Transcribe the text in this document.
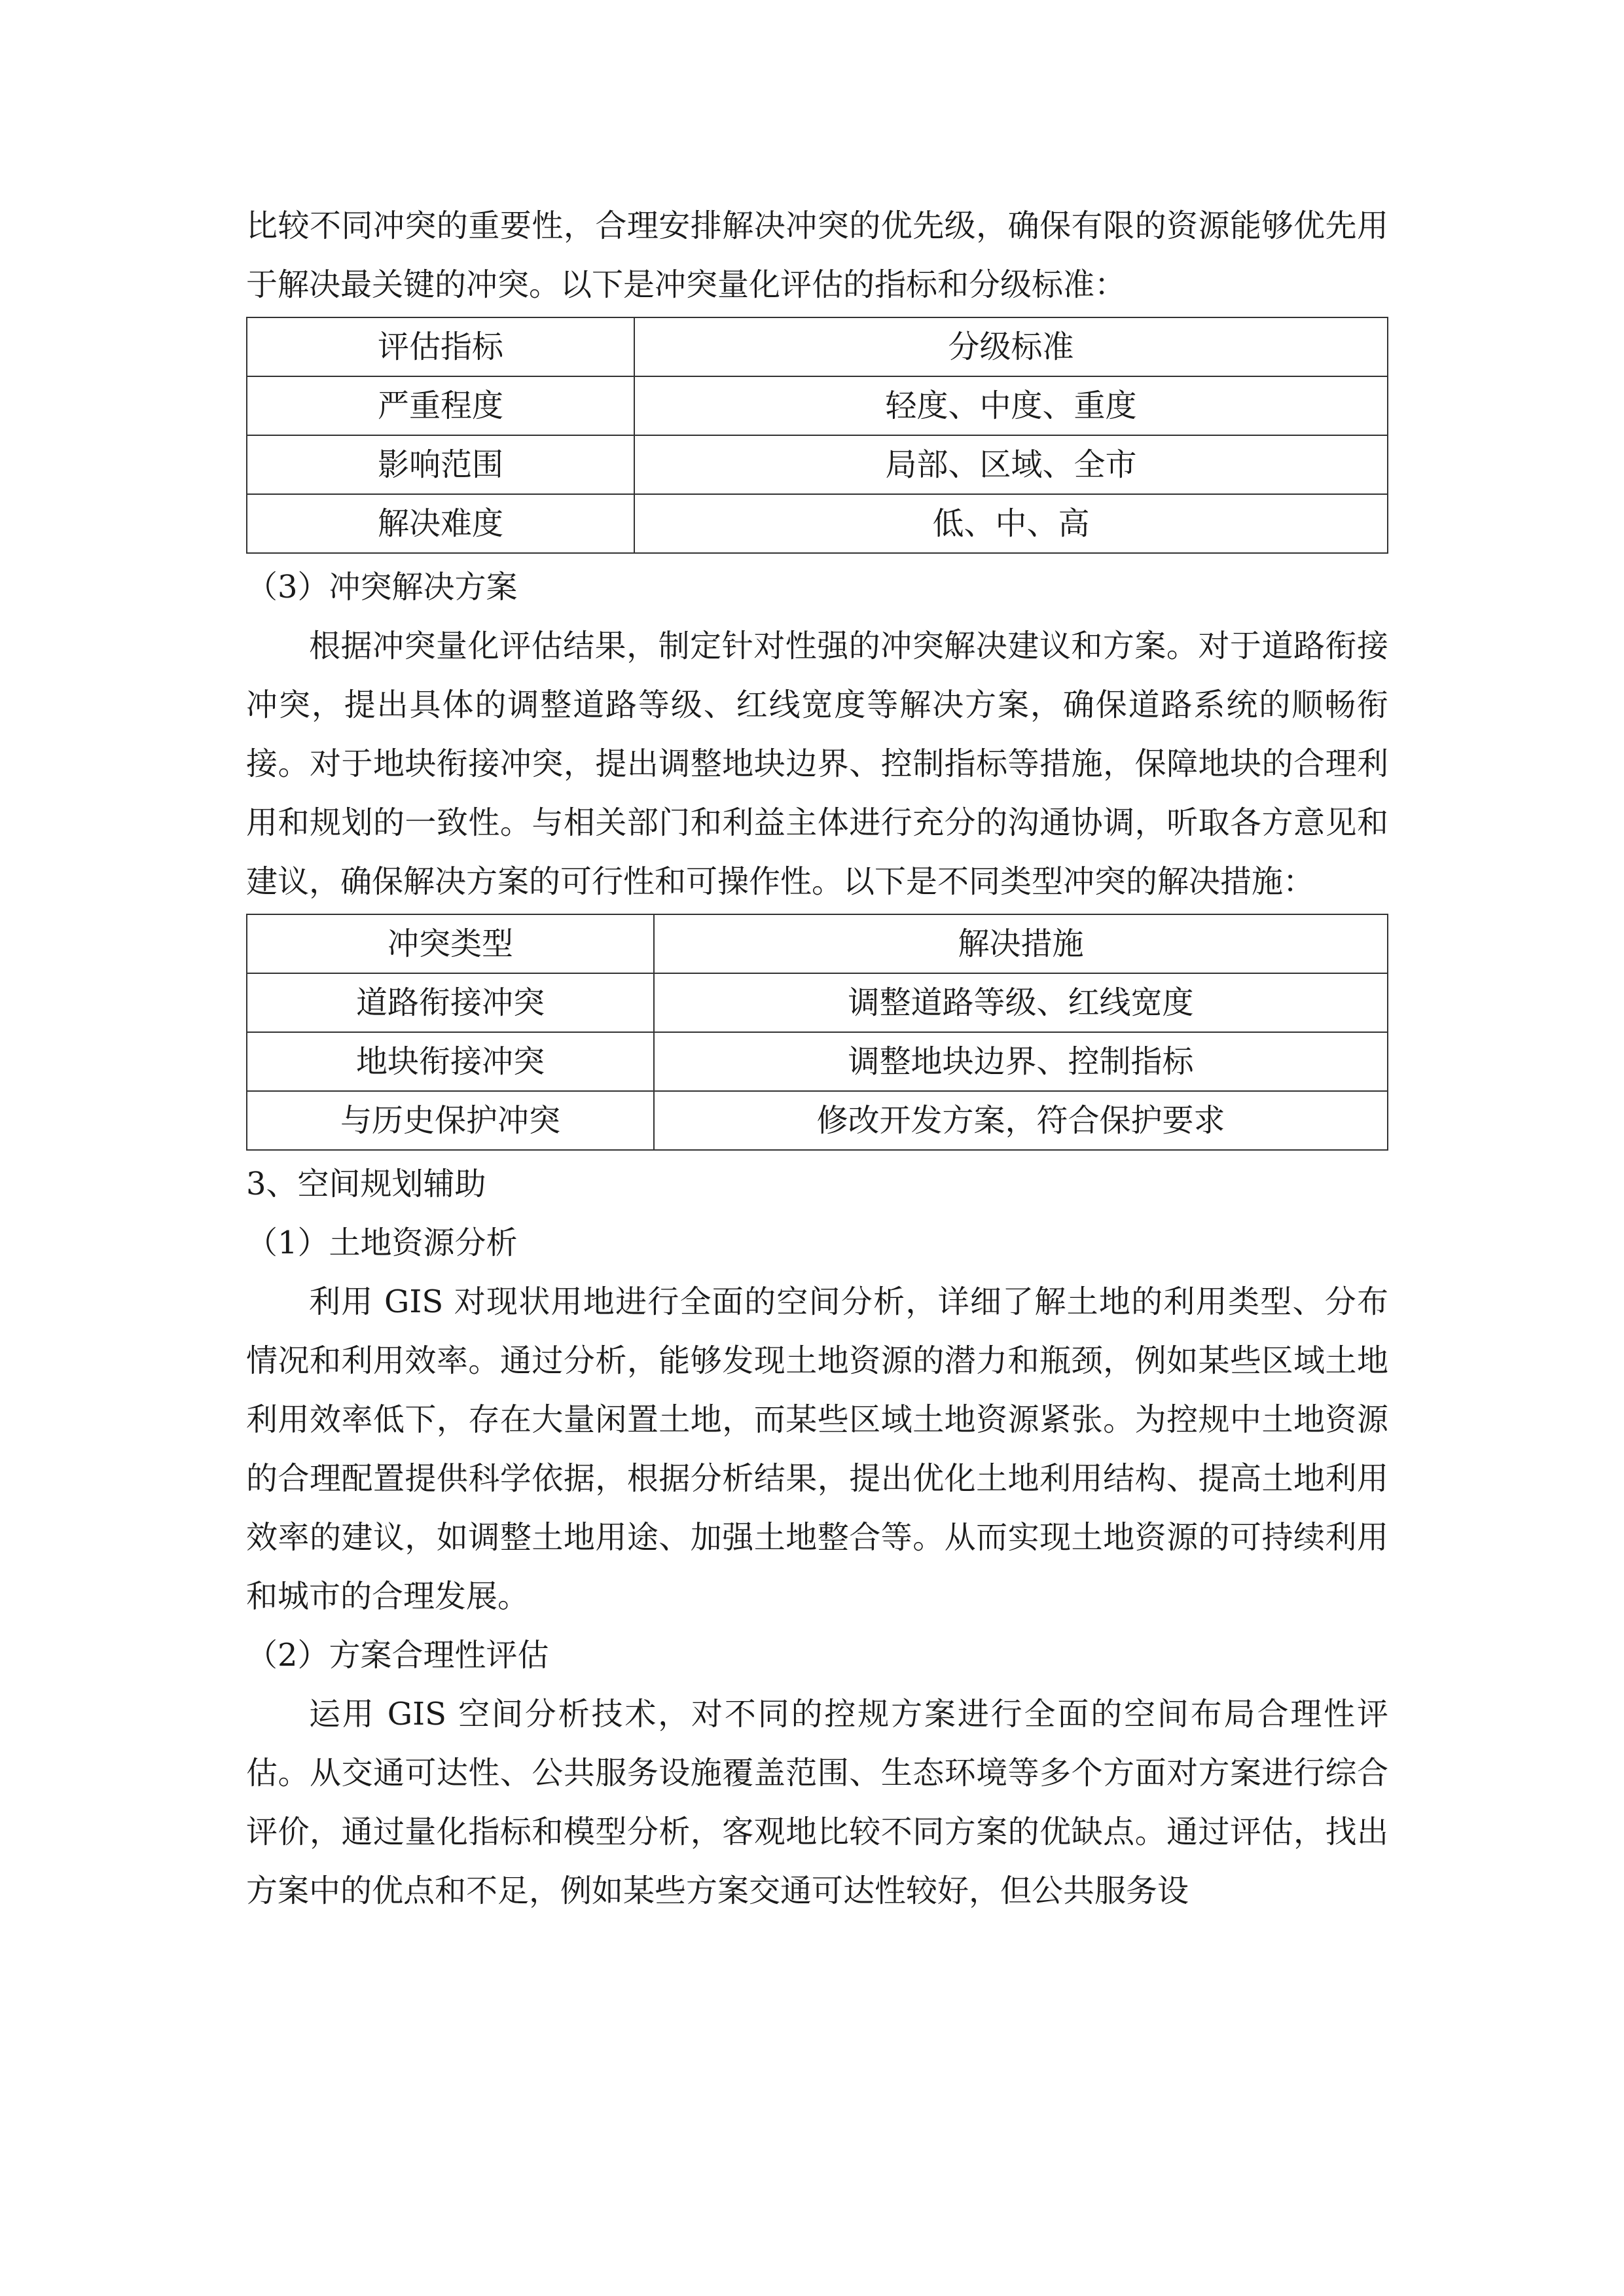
比较不同冲突的重要性，合理安排解决冲突的优先级，确保有限的资源能够优先用于解决最关键的冲突。以下是冲突量化评估的指标和分级标准：

评估指标	分级标准
严重程度	轻度、中度、重度
影响范围	局部、区域、全市
解决难度	低、中、高

（3）冲突解决方案

根据冲突量化评估结果，制定针对性强的冲突解决建议和方案。对于道路衔接冲突，提出具体的调整道路等级、红线宽度等解决方案，确保道路系统的顺畅衔接。对于地块衔接冲突，提出调整地块边界、控制指标等措施，保障地块的合理利用和规划的一致性。与相关部门和利益主体进行充分的沟通协调，听取各方意见和建议，确保解决方案的可行性和可操作性。以下是不同类型冲突的解决措施：

冲突类型	解决措施
道路衔接冲突	调整道路等级、红线宽度
地块衔接冲突	调整地块边界、控制指标
与历史保护冲突	修改开发方案，符合保护要求

3、空间规划辅助

（1）土地资源分析

利用 GIS 对现状用地进行全面的空间分析，详细了解土地的利用类型、分布情况和利用效率。通过分析，能够发现土地资源的潜力和瓶颈，例如某些区域土地利用效率低下，存在大量闲置土地，而某些区域土地资源紧张。为控规中土地资源的合理配置提供科学依据，根据分析结果，提出优化土地利用结构、提高土地利用效率的建议，如调整土地用途、加强土地整合等。从而实现土地资源的可持续利用和城市的合理发展。

（2）方案合理性评估

运用 GIS 空间分析技术，对不同的控规方案进行全面的空间布局合理性评估。从交通可达性、公共服务设施覆盖范围、生态环境等多个方面对方案进行综合评价，通过量化指标和模型分析，客观地比较不同方案的优缺点。通过评估，找出方案中的优点和不足，例如某些方案交通可达性较好，但公共服务设
